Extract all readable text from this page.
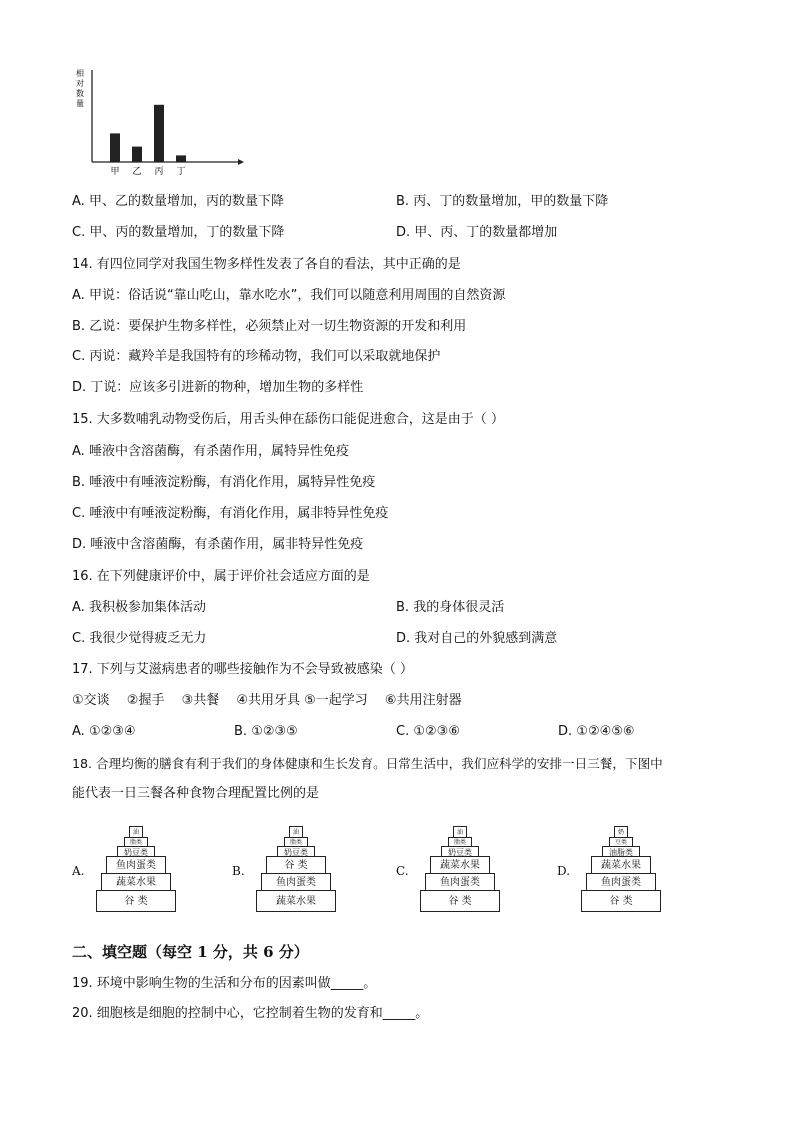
相对数量
甲 乙 丙 丁
A. 甲、乙的数量增加，丙的数量下降	B. 丙、丁的数量增加，甲的数量下降
C. 甲、丙的数量增加，丁的数量下降	D. 甲、丙、丁的数量都增加
14. 有四位同学对我国生物多样性发表了各自的看法，其中正确的是
A. 甲说：俗话说“靠山吃山，靠水吃水”，我们可以随意利用周围的自然资源
B. 乙说：要保护生物多样性，必须禁止对一切生物资源的开发和利用
C. 丙说：藏羚羊是我国特有的珍稀动物，我们可以采取就地保护
D. 丁说：应该多引进新的物种，增加生物的多样性
15. 大多数哺乳动物受伤后，用舌头伸在舔伤口能促进愈合，这是由于（ ）
A. 唾液中含溶菌酶，有杀菌作用，属特异性免疫
B. 唾液中有唾液淀粉酶，有消化作用，属特异性免疫
C. 唾液中有唾液淀粉酶，有消化作用，属非特异性免疫
D. 唾液中含溶菌酶，有杀菌作用，属非特异性免疫
16. 在下列健康评价中，属于评价社会适应方面的是
A. 我积极参加集体活动	B. 我的身体很灵活
C. 我很少觉得疲乏无力	D. 我对自己的外貌感到满意
17. 下列与艾滋病患者的哪些接触作为不会导致被感染（ ）
①交谈　 ②握手　 ③共餐　 ④共用牙具 ⑤一起学习　 ⑥共用注射器
A. ①②③④	B. ①②③⑤	C. ①②③⑥	D. ①②④⑤⑥
18. 合理均衡的膳食有利于我们的身体健康和生长发育。日常生活中，我们应科学的安排一日三餐，下图中
能代表一日三餐各种食物合理配置比例的是
A.
油
脂类
奶豆类
鱼肉蛋类
蔬菜水果
谷 类
B.
油
脂类
奶豆类
谷 类
鱼肉蛋类
蔬菜水果
C.
油
脂类
奶豆类
蔬菜水果
鱼肉蛋类
谷 类
D.
奶
豆类
油脂类
蔬菜水果
鱼肉蛋类
谷 类
二、填空题（每空 1 分，共 6 分）
19. 环境中影响生物的生活和分布的因素叫做_____。
20. 细胞核是细胞的控制中心，它控制着生物的发育和_____。
